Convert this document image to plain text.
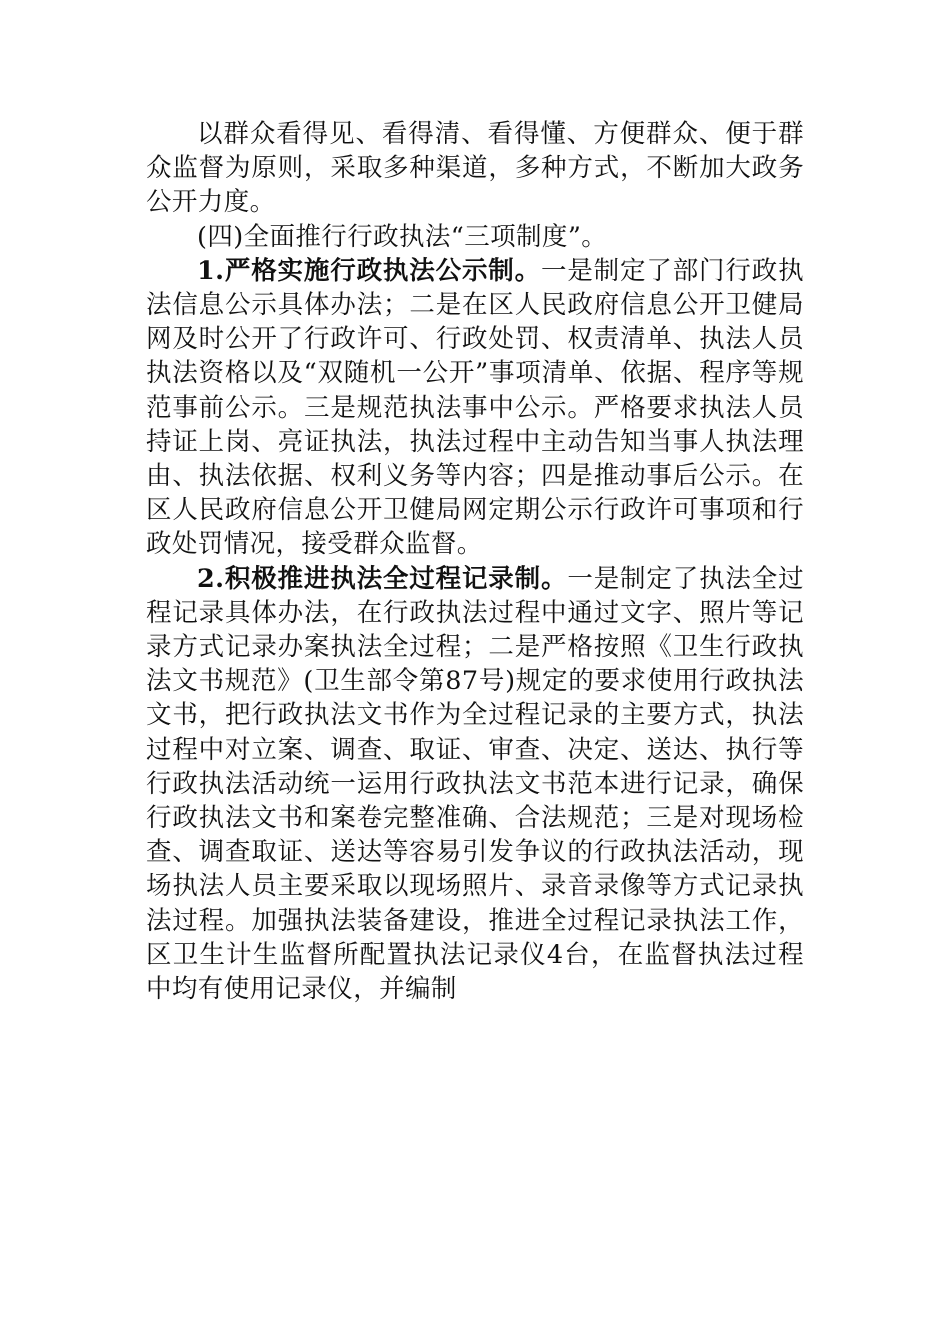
以群众看得见、看得清、看得懂、方便群众、便于群众监督为原则，采取多种渠道，多种方式，不断加大政务公开力度。

(四)全面推行行政执法“三项制度”。

1.严格实施行政执法公示制。一是制定了部门行政执法信息公示具体办法；二是在区人民政府信息公开卫健局网及时公开了行政许可、行政处罚、权责清单、执法人员执法资格以及“双随机一公开”事项清单、依据、程序等规范事前公示。三是规范执法事中公示。严格要求执法人员持证上岗、亮证执法，执法过程中主动告知当事人执法理由、执法依据、权利义务等内容；四是推动事后公示。在区人民政府信息公开卫健局网定期公示行政许可事项和行政处罚情况，接受群众监督。

2.积极推进执法全过程记录制。一是制定了执法全过程记录具体办法，在行政执法过程中通过文字、照片等记录方式记录办案执法全过程；二是严格按照《卫生行政执法文书规范》(卫生部令第87号)规定的要求使用行政执法文书，把行政执法文书作为全过程记录的主要方式，执法过程中对立案、调查、取证、审查、决定、送达、执行等行政执法活动统一运用行政执法文书范本进行记录，确保行政执法文书和案卷完整准确、合法规范；三是对现场检查、调查取证、送达等容易引发争议的行政执法活动，现场执法人员主要采取以现场照片、录音录像等方式记录执法过程。加强执法装备建设，推进全过程记录执法工作，区卫生计生监督所配置执法记录仪4台，在监督执法过程中均有使用记录仪，并编制
